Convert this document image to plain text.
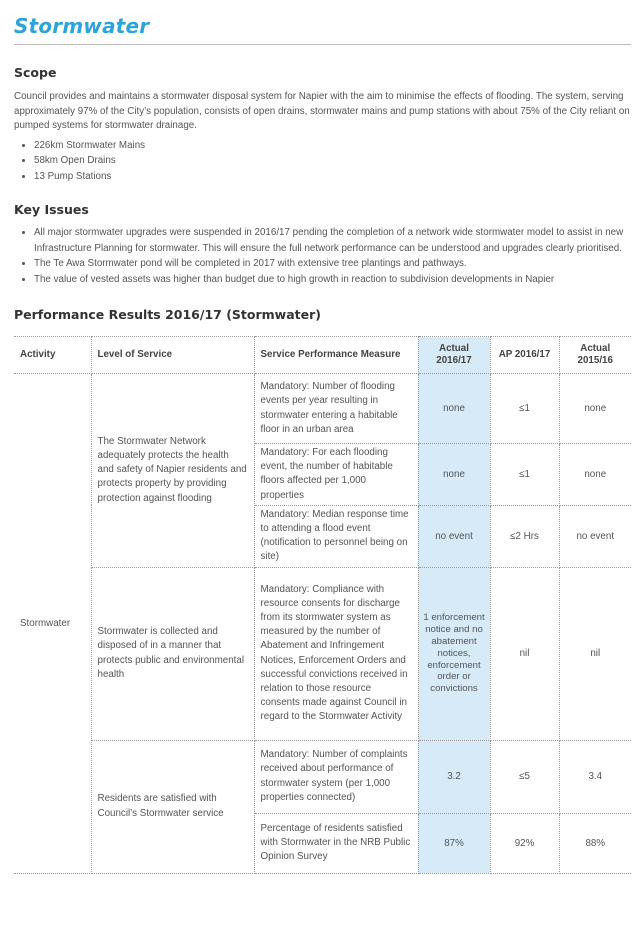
Stormwater
Scope

Council provides and maintains a stormwater disposal system for Napier with the aim to minimise the effects of flooding. The system, serving approximately 97% of the City’s population, consists of open drains, stormwater mains and pump stations with about 75% of the City reliant on pumped systems for stormwater drainage.

• 226km Stormwater Mains
• 58km Open Drains
• 13 Pump Stations
Key Issues
• All major stormwater upgrades were suspended in 2016/17 pending the completion of a network wide stormwater model to assist in new Infrastructure Planning for stormwater. This will ensure the full network performance can be understood and upgrades clearly prioritised.
• The Te Awa Stormwater pond will be completed in 2017 with extensive tree plantings and pathways.
• The value of vested assets was higher than budget due to high growth in reaction to subdivision developments in Napier
Performance Results 2016/17 (Stormwater)
Activity	Level of Service	Service Performance Measure	Actual 2016/17	AP 2016/17	Actual 2015/16
Stormwater	The Stormwater Network adequately protects the health and safety of Napier residents and protects property by providing protection against flooding	Mandatory: Number of flooding events per year resulting in stormwater entering a habitable floor in an urban area	none	≤1	none
		Mandatory: For each flooding event, the number of habitable floors affected per 1,000 properties	none	≤1	none
		Mandatory: Median response time to attending a flood event (notification to personnel being on site)	no event	≤2 Hrs	no event
	Stormwater is collected and disposed of in a manner that protects public and environmental health	Mandatory: Compliance with resource consents for discharge from its stormwater system as measured by the number of Abatement and Infringement Notices, Enforcement Orders and successful convictions received in relation to those resource consents made against Council in regard to the Stormwater Activity	1 enforcement notice and no abatement notices, enforcement order or convictions	nil	nil
	Residents are satisfied with Council’s Stormwater service	Mandatory: Number of complaints received about performance of stormwater system (per 1,000 properties connected)	3.2	≤5	3.4
		Percentage of residents satisfied with Stormwater in the NRB Public Opinion Survey	87%	92%	88%
